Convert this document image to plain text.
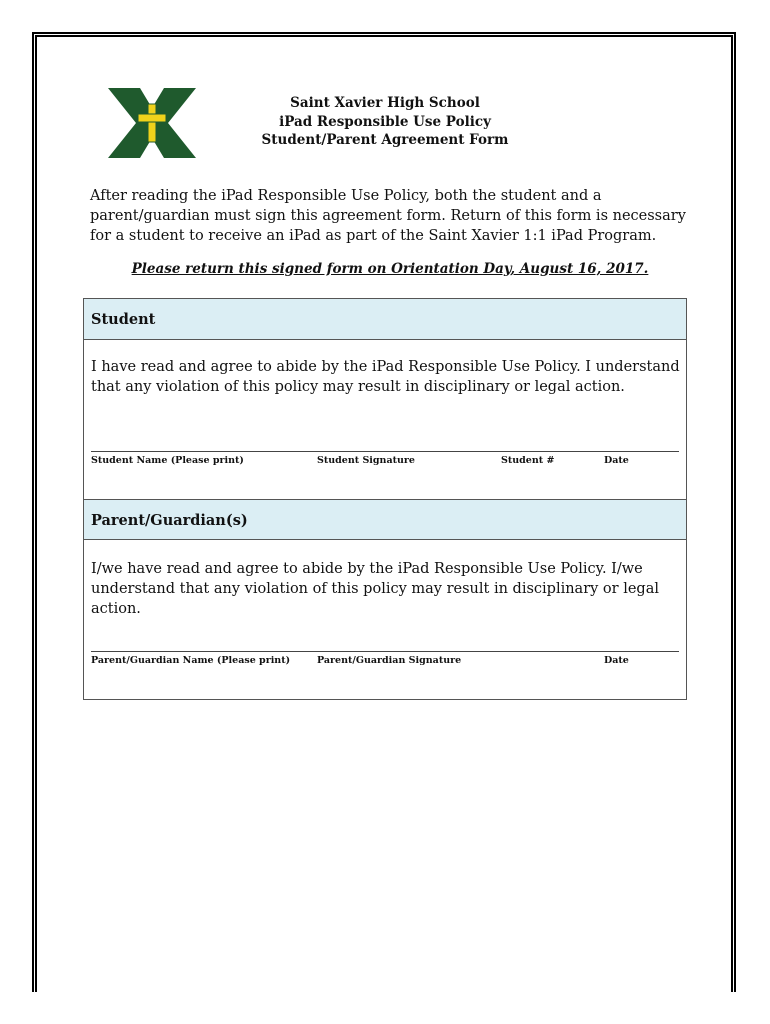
Saint Xavier High School
iPad Responsible Use Policy
Student/Parent Agreement Form
After reading the iPad Responsible Use Policy, both the student and a parent/guardian must sign this agreement form. Return of this form is necessary for a student to receive an iPad as part of the Saint Xavier 1:1 iPad Program.
Please return this signed form on Orientation Day, August 16, 2017.
Student
I have read and agree to abide by the iPad Responsible Use Policy. I understand that any violation of this policy may result in disciplinary or legal action.
Student Name (Please print)	Student Signature	Student #	Date
Parent/Guardian(s)
I/we have read and agree to abide by the iPad Responsible Use Policy. I/we understand that any violation of this policy may result in disciplinary or legal action.
Parent/Guardian Name (Please print)	Parent/Guardian Signature	Date
